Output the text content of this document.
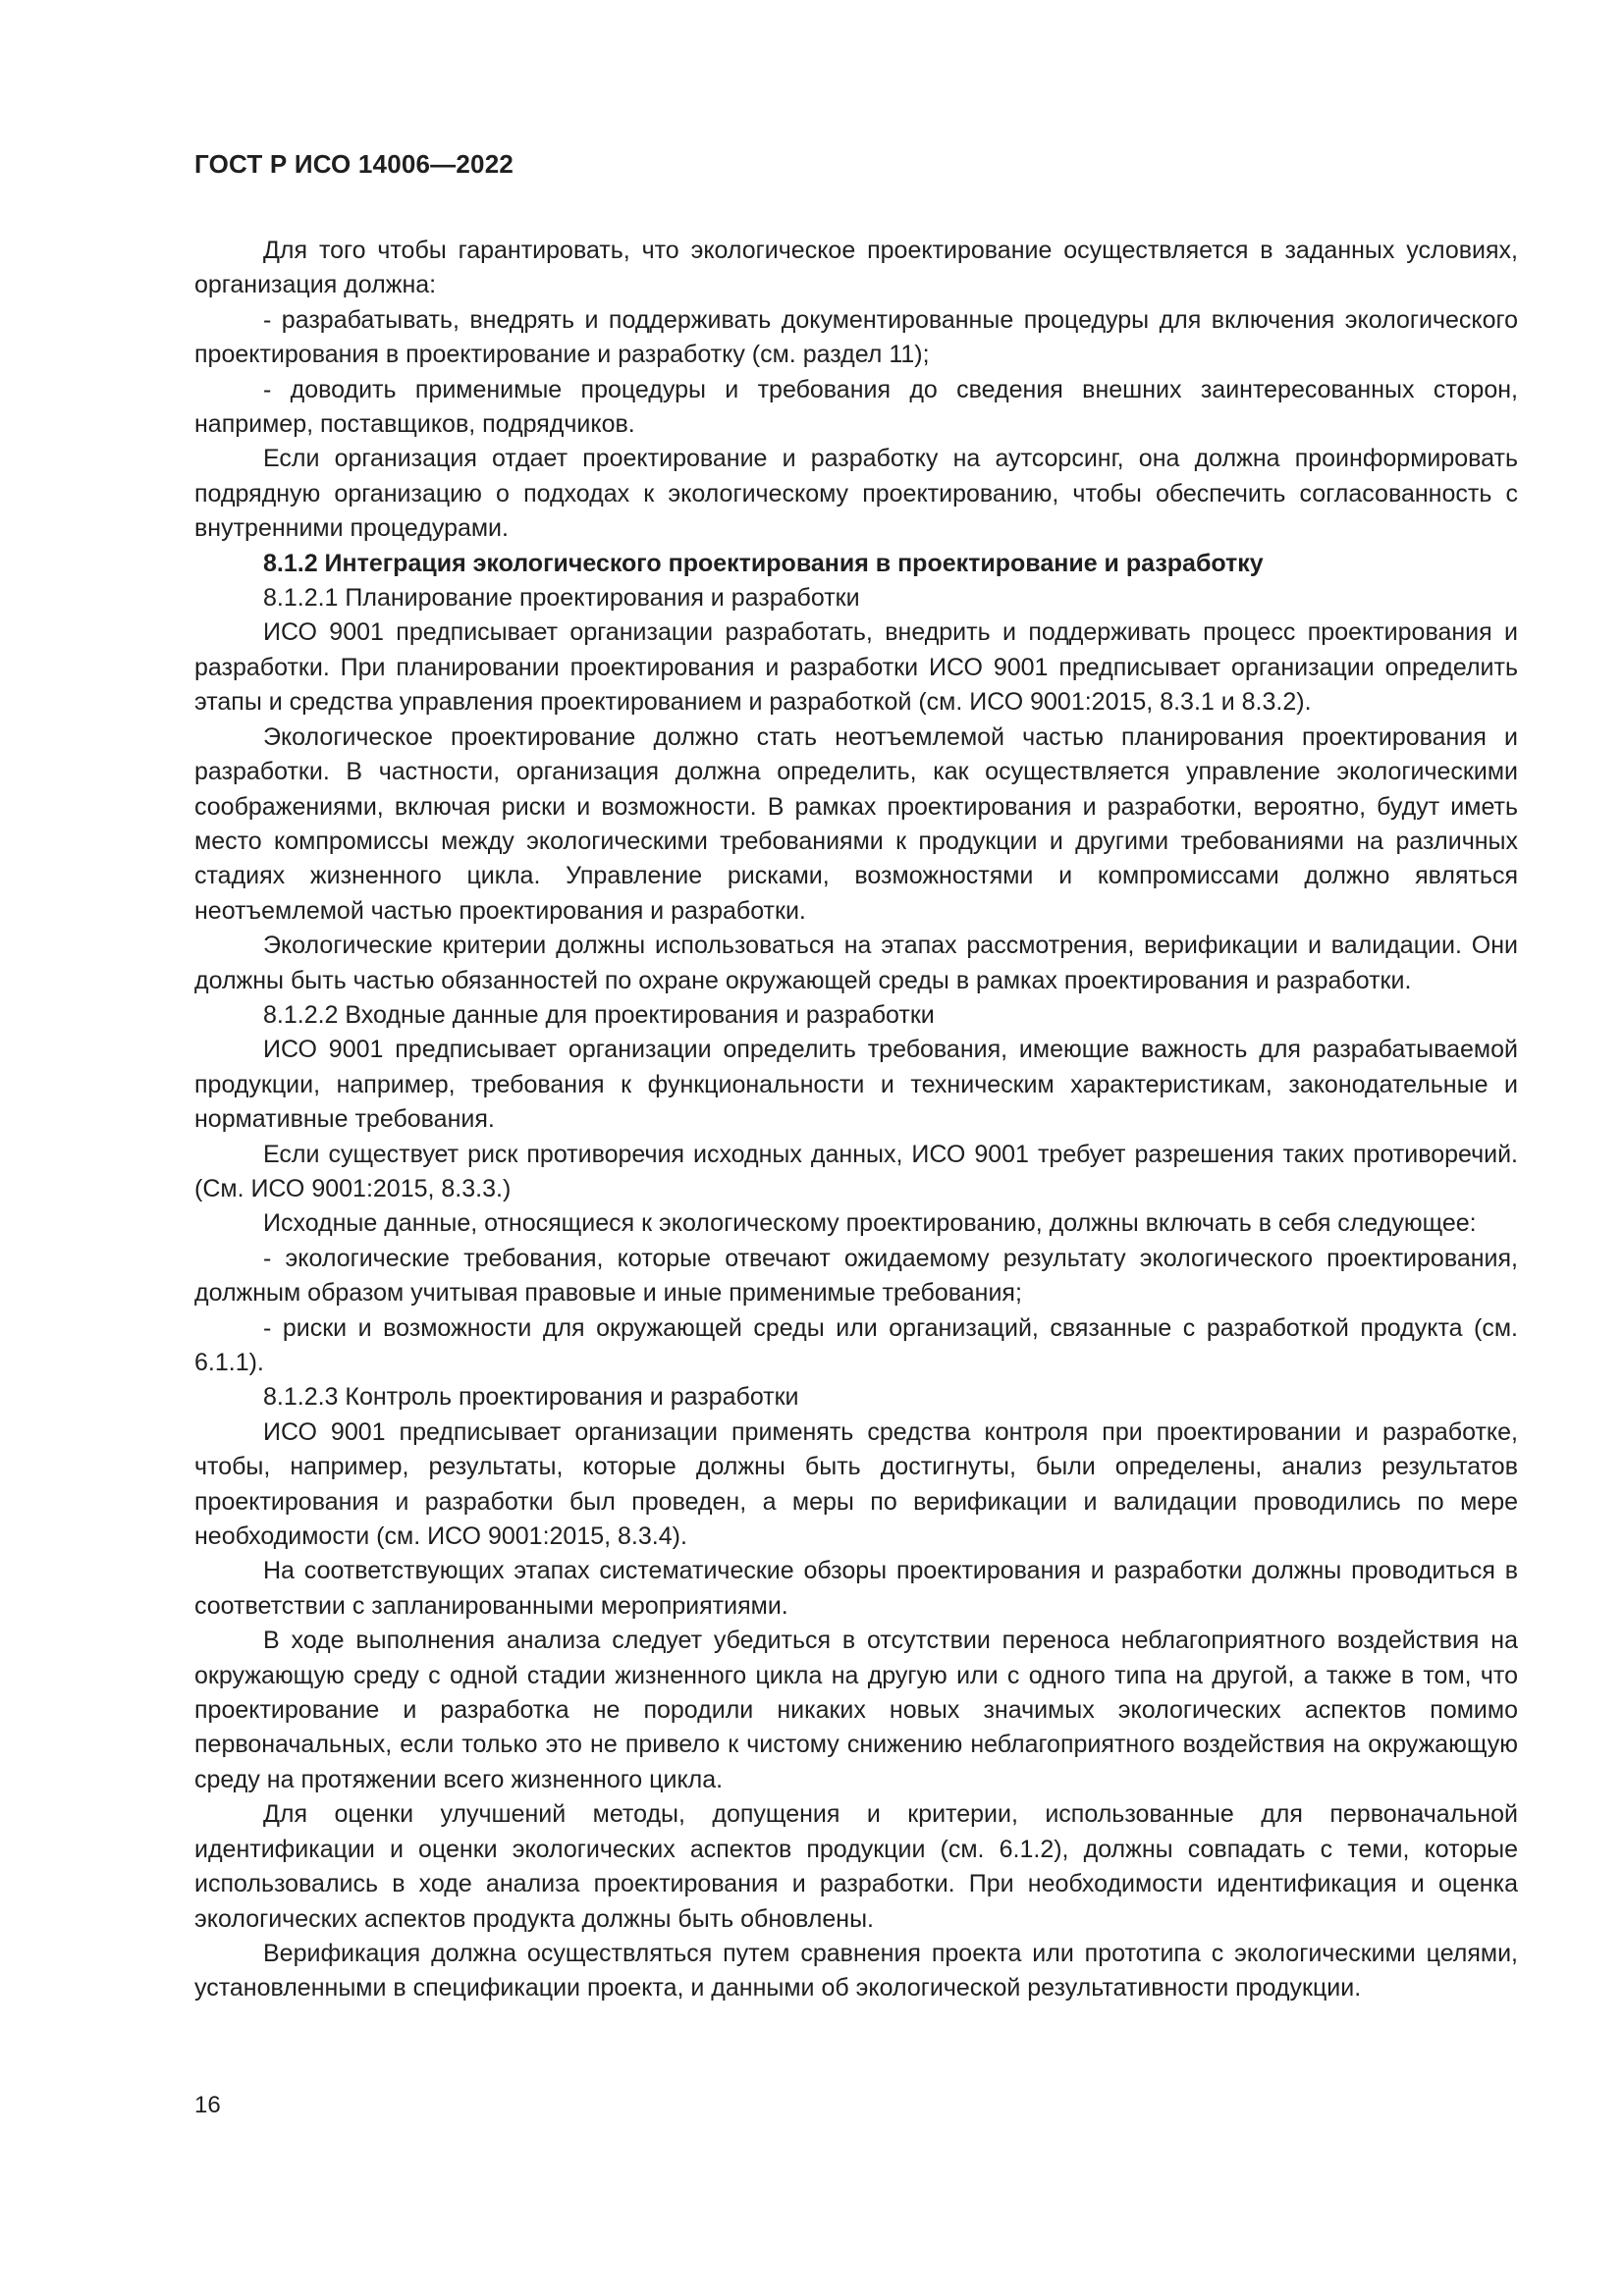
ГОСТ Р ИСО 14006—2022

Для того чтобы гарантировать, что экологическое проектирование осуществляется в заданных условиях, организация должна:

- разрабатывать, внедрять и поддерживать документированные процедуры для включения экологического проектирования в проектирование и разработку (см. раздел 11);

- доводить применимые процедуры и требования до сведения внешних заинтересованных сторон, например, поставщиков, подрядчиков.

Если организация отдает проектирование и разработку на аутсорсинг, она должна проинформировать подрядную организацию о подходах к экологическому проектированию, чтобы обеспечить согласованность с внутренними процедурами.

8.1.2 Интеграция экологического проектирования в проектирование и разработку

8.1.2.1 Планирование проектирования и разработки

ИСО 9001 предписывает организации разработать, внедрить и поддерживать процесс проектирования и разработки. При планировании проектирования и разработки ИСО 9001 предписывает организации определить этапы и средства управления проектированием и разработкой (см. ИСО 9001:2015, 8.3.1 и 8.3.2).

Экологическое проектирование должно стать неотъемлемой частью планирования проектирования и разработки. В частности, организация должна определить, как осуществляется управление экологическими соображениями, включая риски и возможности. В рамках проектирования и разработки, вероятно, будут иметь место компромиссы между экологическими требованиями к продукции и другими требованиями на различных стадиях жизненного цикла. Управление рисками, возможностями и компромиссами должно являться неотъемлемой частью проектирования и разработки.

Экологические критерии должны использоваться на этапах рассмотрения, верификации и валидации. Они должны быть частью обязанностей по охране окружающей среды в рамках проектирования и разработки.

8.1.2.2 Входные данные для проектирования и разработки

ИСО 9001 предписывает организации определить требования, имеющие важность для разрабатываемой продукции, например, требования к функциональности и техническим характеристикам, законодательные и нормативные требования.

Если существует риск противоречия исходных данных, ИСО 9001 требует разрешения таких противоречий. (См. ИСО 9001:2015, 8.3.3.)

Исходные данные, относящиеся к экологическому проектированию, должны включать в себя следующее:

- экологические требования, которые отвечают ожидаемому результату экологического проектирования, должным образом учитывая правовые и иные применимые требования;

- риски и возможности для окружающей среды или организаций, связанные с разработкой продукта (см. 6.1.1).

8.1.2.3 Контроль проектирования и разработки

ИСО 9001 предписывает организации применять средства контроля при проектировании и разработке, чтобы, например, результаты, которые должны быть достигнуты, были определены, анализ результатов проектирования и разработки был проведен, а меры по верификации и валидации проводились по мере необходимости (см. ИСО 9001:2015, 8.3.4).

На соответствующих этапах систематические обзоры проектирования и разработки должны проводиться в соответствии с запланированными мероприятиями.

В ходе выполнения анализа следует убедиться в отсутствии переноса неблагоприятного воздействия на окружающую среду с одной стадии жизненного цикла на другую или с одного типа на другой, а также в том, что проектирование и разработка не породили никаких новых значимых экологических аспектов помимо первоначальных, если только это не привело к чистому снижению неблагоприятного воздействия на окружающую среду на протяжении всего жизненного цикла.

Для оценки улучшений методы, допущения и критерии, использованные для первоначальной идентификации и оценки экологических аспектов продукции (см. 6.1.2), должны совпадать с теми, которые использовались в ходе анализа проектирования и разработки. При необходимости идентификация и оценка экологических аспектов продукта должны быть обновлены.

Верификация должна осуществляться путем сравнения проекта или прототипа с экологическими целями, установленными в спецификации проекта, и данными об экологической результативности продукции.

16
